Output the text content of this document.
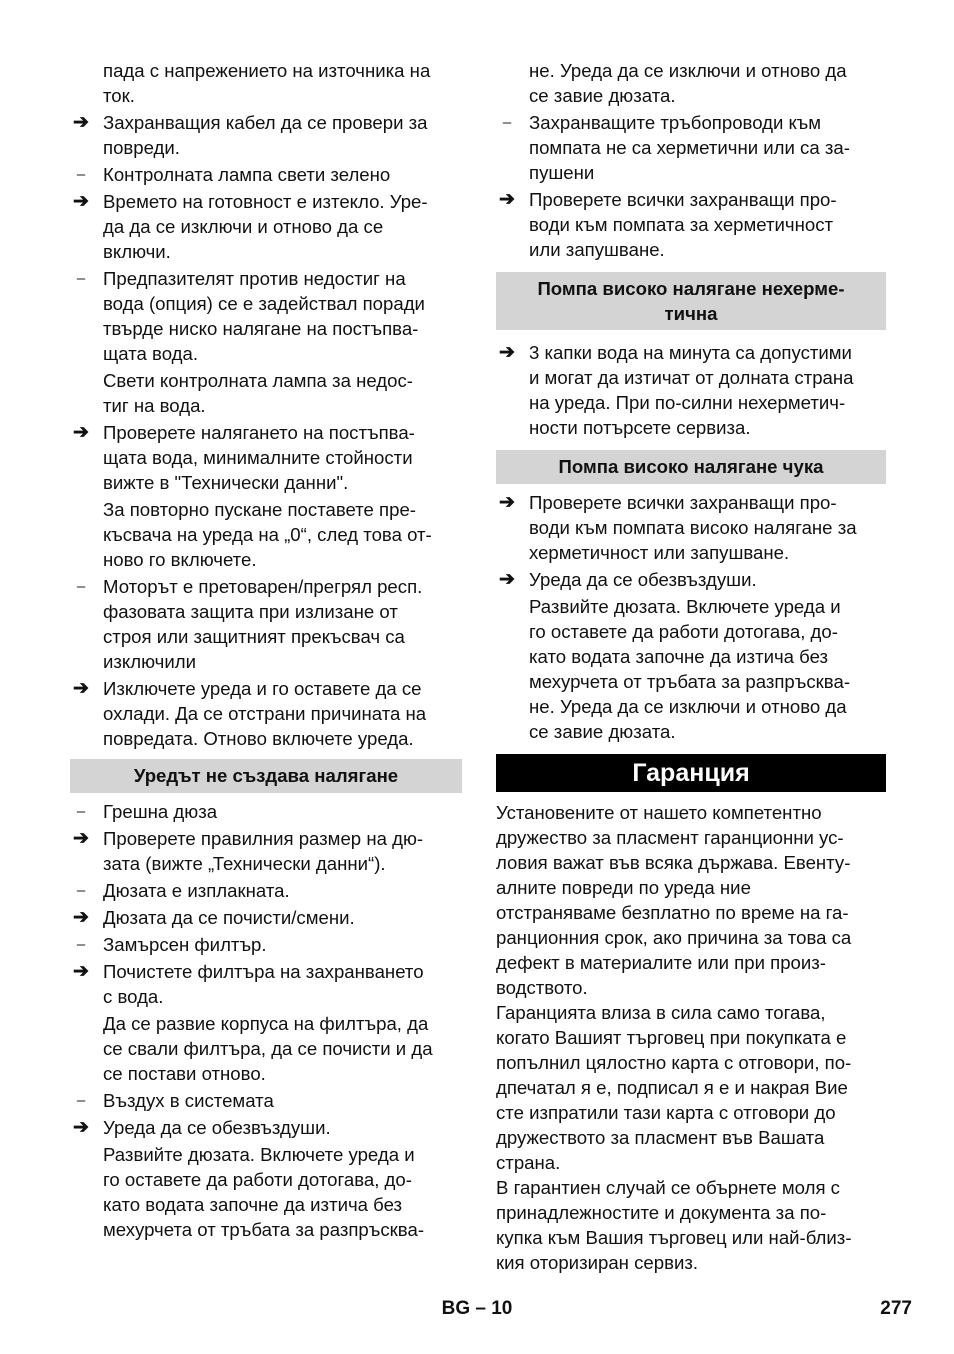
пада с напрежението на източника на
ток.
➔ Захранващия кабел да се провери за
повреди.
– Контролната лампа свети зелено
➔ Времето на готовност е изтекло. Уре-
да да се изключи и отново да се
включи.
– Предпазителят против недостиг на
вода (опция) се е задействал поради
твърде ниско налягане на постъпва-
щата вода.
Свети контролната лампа за недос-
тиг на вода.
➔ Проверете налягането на постъпва-
щата вода, минималните стойности
вижте в "Технически данни".
За повторно пускане поставете пре-
късвача на уреда на „0“, след това от-
ново го включете.
– Моторът е претоварен/прегрял респ.
фазовата защита при излизане от
строя или защитният прекъсвач са
изключили
➔ Изключете уреда и го оставете да се
охлади. Да се отстрани причината на
повредата. Отново включете уреда.
Уредът не създава налягане
– Грешна дюза
➔ Проверете правилния размер на дю-
зата (вижте „Технически данни“).
– Дюзата е изплакната.
➔ Дюзата да се почисти/смени.
– Замърсен филтър.
➔ Почистете филтъра на захранването
с вода.
Да се развие корпуса на филтъра, да
се свали филтъра, да се почисти и да
се постави отново.
– Въздух в системата
➔ Уреда да се обезвъздуши.
Развийте дюзата. Включете уреда и
го оставете да работи дотогава, до-
като водата започне да изтича без
мехурчета от тръбата за разпръсква-
не. Уреда да се изключи и отново да
се завие дюзата.
– Захранващите тръбопроводи към
помпата не са херметични или са за-
пушени
➔ Проверете всички захранващи про-
води към помпата за херметичност
или запушване.
Помпа високо налягане нехерме-
тична
➔ 3 капки вода на минута са допустими
и могат да изтичат от долната страна
на уреда. При по-силни нехерметич-
ности потърсете сервиза.
Помпа високо налягане чука
➔ Проверете всички захранващи про-
води към помпата високо налягане за
херметичност или запушване.
➔ Уреда да се обезвъздуши.
Развийте дюзата. Включете уреда и
го оставете да работи дотогава, до-
като водата започне да изтича без
мехурчета от тръбата за разпръсква-
не. Уреда да се изключи и отново да
се завие дюзата.
Гаранция
Установените от нашето компетентно
дружество за пласмент гаранционни ус-
ловия важат във всяка държава. Евенту-
алните повреди по уреда ние
отстраняваме безплатно по време на га-
ранционния срок, ако причина за това са
дефект в материалите или при произ-
водството.
Гаранцията влиза в сила само тогава,
когато Вашият търговец при покупката е
попълнил цялостно карта с отговори, по-
дпечатал я е, подписал я е и накрая Вие
сте изпратили тази карта с отговори до
дружеството за пласмент във Вашата
страна.
В гарантиен случай се обърнете моля с
принадлежностите и документа за по-
купка към Вашия търговец или най-близ-
кия оторизиран сервиз.
BG – 10	277
